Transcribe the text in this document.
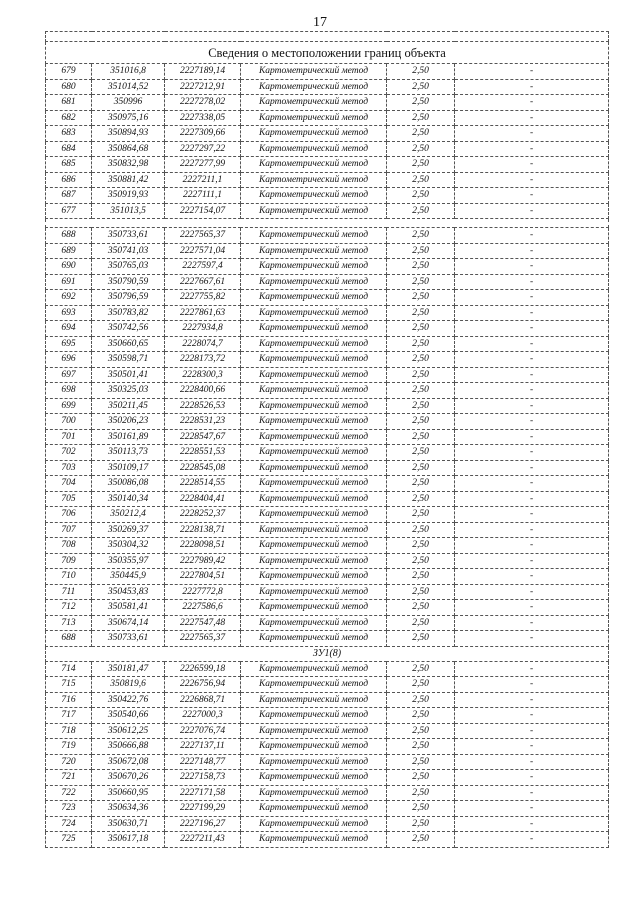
17

Сведения о местоположении границ объекта					
679	351016,8	2227189,14	Картометрический метод	2,50	-
680	351014,52	2227212,91	Картометрический метод	2,50	-
681	350996	2227278,02	Картометрический метод	2,50	-
682	350975,16	2227338,05	Картометрический метод	2,50	-
683	350894,93	2227309,66	Картометрический метод	2,50	-
684	350864,68	2227297,22	Картометрический метод	2,50	-
685	350832,98	2227277,99	Картометрический метод	2,50	-
686	350881,42	2227211,1	Картометрический метод	2,50	-
687	350919,93	2227111,1	Картометрический метод	2,50	-
677	351013,5	2227154,07	Картометрический метод	2,50	-

688	350733,61	2227565,37	Картометрический метод	2,50	-
689	350741,03	2227571,04	Картометрический метод	2,50	-
690	350765,03	2227597,4	Картометрический метод	2,50	-
691	350790,59	2227667,61	Картометрический метод	2,50	-
692	350796,59	2227755,82	Картометрический метод	2,50	-
693	350783,82	2227861,63	Картометрический метод	2,50	-
694	350742,56	2227934,8	Картометрический метод	2,50	-
695	350660,65	2228074,7	Картометрический метод	2,50	-
696	350598,71	2228173,72	Картометрический метод	2,50	-
697	350501,41	2228300,3	Картометрический метод	2,50	-
698	350325,03	2228400,66	Картометрический метод	2,50	-
699	350211,45	2228526,53	Картометрический метод	2,50	-
700	350206,23	2228531,23	Картометрический метод	2,50	-
701	350161,89	2228547,67	Картометрический метод	2,50	-
702	350113,73	2228551,53	Картометрический метод	2,50	-
703	350109,17	2228545,08	Картометрический метод	2,50	-
704	350086,08	2228514,55	Картометрический метод	2,50	-
705	350140,34	2228404,41	Картометрический метод	2,50	-
706	350212,4	2228252,37	Картометрический метод	2,50	-
707	350269,37	2228138,71	Картометрический метод	2,50	-
708	350304,32	2228098,51	Картометрический метод	2,50	-
709	350355,97	2227989,42	Картометрический метод	2,50	-
710	350445,9	2227804,51	Картометрический метод	2,50	-
711	350453,83	2227772,8	Картометрический метод	2,50	-
712	350581,41	2227586,6	Картометрический метод	2,50	-
713	350674,14	2227547,48	Картометрический метод	2,50	-
688	350733,61	2227565,37	Картометрический метод	2,50	-
ЗУ1(8)					
714	350181,47	2226599,18	Картометрический метод	2,50	-
715	350819,6	2226756,94	Картометрический метод	2,50	-
716	350422,76	2226868,71	Картометрический метод	2,50	-
717	350540,66	2227000,3	Картометрический метод	2,50	-
718	350612,25	2227076,74	Картометрический метод	2,50	-
719	350666,88	2227137,11	Картометрический метод	2,50	-
720	350672,08	2227148,77	Картометрический метод	2,50	-
721	350670,26	2227158,73	Картометрический метод	2,50	-
722	350660,95	2227171,58	Картометрический метод	2,50	-
723	350634,36	2227199,29	Картометрический метод	2,50	-
724	350630,71	2227196,27	Картометрический метод	2,50	-
725	350617,18	2227211,43	Картометрический метод	2,50	-
